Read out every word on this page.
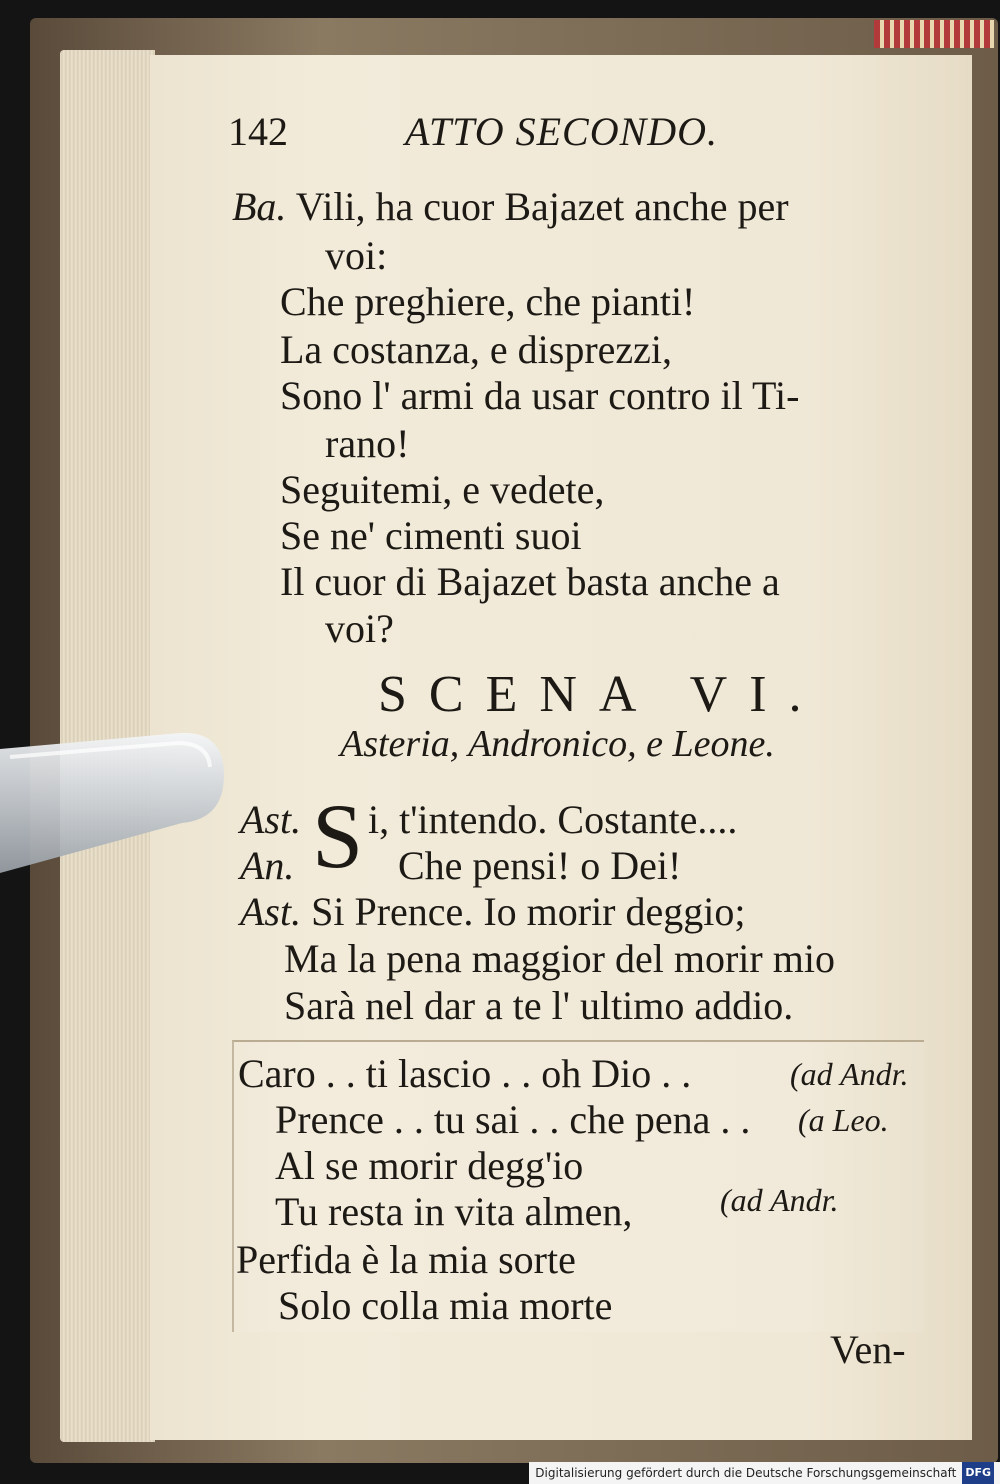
142	ATTO SECONDO.
Ba. Vili, ha cuor Bajazet anche per
voi:
Che preghiere, che pianti!
La costanza, e disprezzi,
Sono l' armi da usar contro il Ti-
rano!
Seguitemi, e vedete,
Se ne' cimenti suoi
Il cuor di Bajazet basta anche a
voi?
SCENA VI.
Asteria, Andronico, e Leone.
Ast. S i, t'intendo. Costante....
An.	Che pensi! o Dei!
Ast. Si Prence. Io morir deggio;
Ma la pena maggior del morir mio
Sarà nel dar a te l' ultimo addio.
Caro . . ti lascio . . oh Dio . .	(ad Andr.
Prence . . tu sai . . che pena . . (a Leo.
Al se morir degg'io
Tu resta in vita almen,	(ad Andr.
Perfida è la mia sorte
Solo colla mia morte
Ven-
Digitalisierung gefördert durch die Deutsche Forschungsgemeinschaft DFG
